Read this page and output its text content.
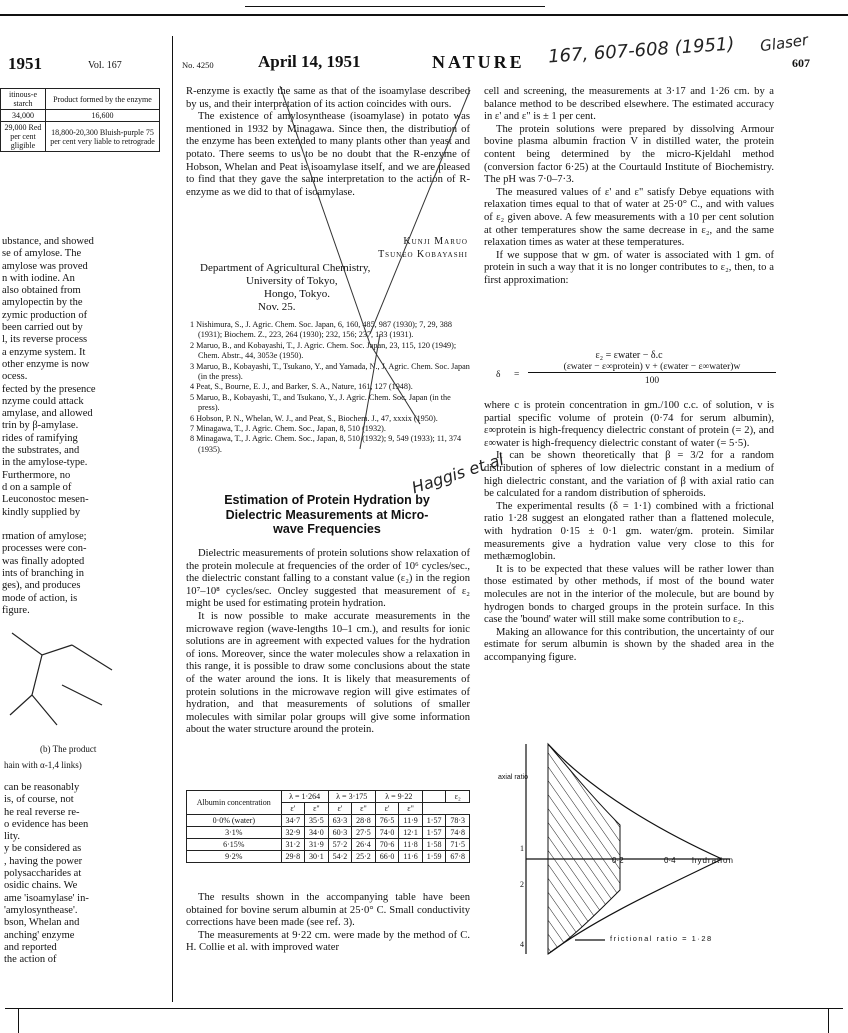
1951	Vol. 167	No. 4250	April 14, 1951	NATURE 167, 607-608 (1951) Glaser
607
itinous-e starch	Product formed by the enzyme
34,000	16,600
29,000 Red per cent gligible	18,800-20,300 Bluish-purple 75 per cent very liable to retrograde
ubstance, and showed
se of amylose. The
amylose was proved
n with iodine. An
also obtained from
amylopectin by the
zymic production of
been carried out by
l, its reverse process
a enzyme system. It
other enzyme is now
ocess.
fected by the presence
nzyme could attack
amylase, and allowed
trin by β-amylase.
rides of ramifying
the substrates, and
in the amylose-type.
Furthermore, no
d on a sample of
Leuconostoc mesen-
kindly supplied by
rmation of amylose;
processes were con-
was finally adopted
ints of branching in
ges), and produces
mode of action, is
figure.
(b) The product
hain with α-1,4 links)
can be reasonably
is, of course, not
he real reverse re-
o evidence has been
lity.
y be considered as
, having the power
polysaccharides at
osidic chains. We
ame 'isoamylase' in-
'amylosynthease'.
bson, Whelan and
anching' enzyme
and reported
the action of

R-enzyme is exactly the same as that of the isoamylase described by us, and their interpretation of its action coincides with ours.

The existence of amylosynthease (isoamylase) in potato was mentioned in 1932 by Minagawa. Since then, the distribution of the enzyme has been extended to many plants other than yeast and potato. There seems to us to be no doubt that the R-enzyme of Hobson, Whelan and Peat is isoamylase itself, and we are pleased to find that they gave the same interpretation to the action of R-enzyme as we did to that of isoamylase.

Kunji Maruo
Tsuneo Kobayashi
Department of Agricultural Chemistry,
University of Tokyo,
Hongo, Tokyo.
Nov. 25.
1 Nishimura, S., J. Agric. Chem. Soc. Japan, 6, 160, 485, 987 (1930); 7, 29, 388 (1931); Biochem. Z., 223, 264 (1930); 232, 156; 237, 133 (1931).
2 Maruo, B., and Kobayashi, T., J. Agric. Chem. Soc. Japan, 23, 115, 120 (1949); Chem. Abstr., 44, 3053e (1950).
3 Maruo, B., Kobayashi, T., Tsukano, Y., and Yamada, N., J. Agric. Chem. Soc. Japan (in the press).
4 Peat, S., Bourne, E. J., and Barker, S. A., Nature, 161, 127 (1948).
5 Maruo, B., Kobayashi, T., and Tsukano, Y., J. Agric. Chem. Soc. Japan (in the press).
6 Hobson, P. N., Whelan, W. J., and Peat, S., Biochem. J., 47, xxxix (1950).
7 Minagawa, T., J. Agric. Chem. Soc., Japan, 8, 510 (1932).
8 Minagawa, T., J. Agric. Chem. Soc., Japan, 8, 510 (1932); 9, 549 (1933); 11, 374 (1935).
Haggis et al
Estimation of Protein Hydration by
Dielectric Measurements at Micro-
wave Frequencies

Dielectric measurements of protein solutions show relaxation of the protein molecule at frequencies of the order of 10⁶ cycles/sec., the dielectric constant falling to a constant value (ε₂) in the region 10⁷–10⁸ cycles/sec. Oncley suggested that measurement of ε₂ might be used for estimating protein hydration.

It is now possible to make accurate measurements in the microwave region (wave-lengths 10–1 cm.), and results for ionic solutions are in agreement with expected values for the hydration of ions. Moreover, since the water molecules show a relaxation in this range, it is possible to draw some conclusions about the state of the water around the ions. It is likely that measurements of protein solutions in the microwave region will give estimates of hydration, and that measurements of solutions of smaller molecules with similar polar groups will give some information about the water structure around the protein.

Albumin concentration	λ = 1·264		λ = 3·175		λ = 9·22			ε₂
	ε'	ε"	ε'	ε"	ε'	ε"		
0·0% (water)	34·7	35·5	63·3	28·8	76·5	11·9	1·57	78·3
3·1%	32·9	34·0	60·3	27·5	74·0	12·1	1·57	74·8
6·15%	31·2	31·9	57·2	26·4	70·6	11·8	1·58	71·5
9·2%	29·8	30·1	54·2	25·2	66·0	11·6	1·59	67·8

The results shown in the accompanying table have been obtained for bovine serum albumin at 25·0° C. Small conductivity corrections have been made (see ref. 3).

The measurements at 9·22 cm. were made by the method of C. H. Collie et al. with improved water

cell and screening, the measurements at 3·17 and 1·26 cm. by a balance method to be described elsewhere. The estimated accuracy in ε' and ε" is ± 1 per cent.

The protein solutions were prepared by dissolving Armour bovine plasma albumin fraction V in distilled water, the protein content being determined by the micro-Kjeldahl method (conversion factor 6·25) at the Courtauld Institute of Biochemistry. The pH was 7·0–7·3.

The measured values of ε' and ε" satisfy Debye equations with relaxation times equal to that of water at 25·0° C., and with values of ε₂ given above. A few measurements with a 10 per cent solution at other temperatures show the same decrease in ε₂, and the same relaxation times as water at these temperatures.

If we suppose that w gm. of water is associated with 1 gm. of protein in such a way that it is no longer contributes to ε₂, then, to a first approximation:

ε₂ = εwater − δ.c
δ =
(εwater − ε∞protein) v + (εwater − ε∞water)w
100

where c is protein concentration in gm./100 c.c. of solution, v is partial specific volume of protein (0·74 for serum albumin), ε∞protein is high-frequency dielectric constant of protein (= 2), and ε∞water is high-frequency dielectric constant of water (= 5·5).

It can be shown theoretically that β = 3/2 for a random distribution of spheres of low dielectric constant in a medium of high dielectric constant, and the variation of β with axial ratio can be calculated for a random distribution of spheroids.

The experimental results (δ = 1·1) combined with a frictional ratio 1·28 suggest an elongated rather than a flattened molecule, with hydration 0·15 ± 0·1 gm. water/gm. protein. Similar measurements give a hydration value very close to this for methæmoglobin.

It is to be expected that these values will be rather lower than those estimated by other methods, if most of the bound water molecules are not in the interior of the molecule, but are bound by hydrogen bonds to charged groups in the protein surface. In this case the 'bound' water will still make some contribution to ε₂.

Making an allowance for this contribution, the uncertainty of our estimate for serum albumin is shown by the shaded area in the accompanying figure.

axial ratio
1
2
4
0·2	0·4 hydration
frictional ratio = 1·28
